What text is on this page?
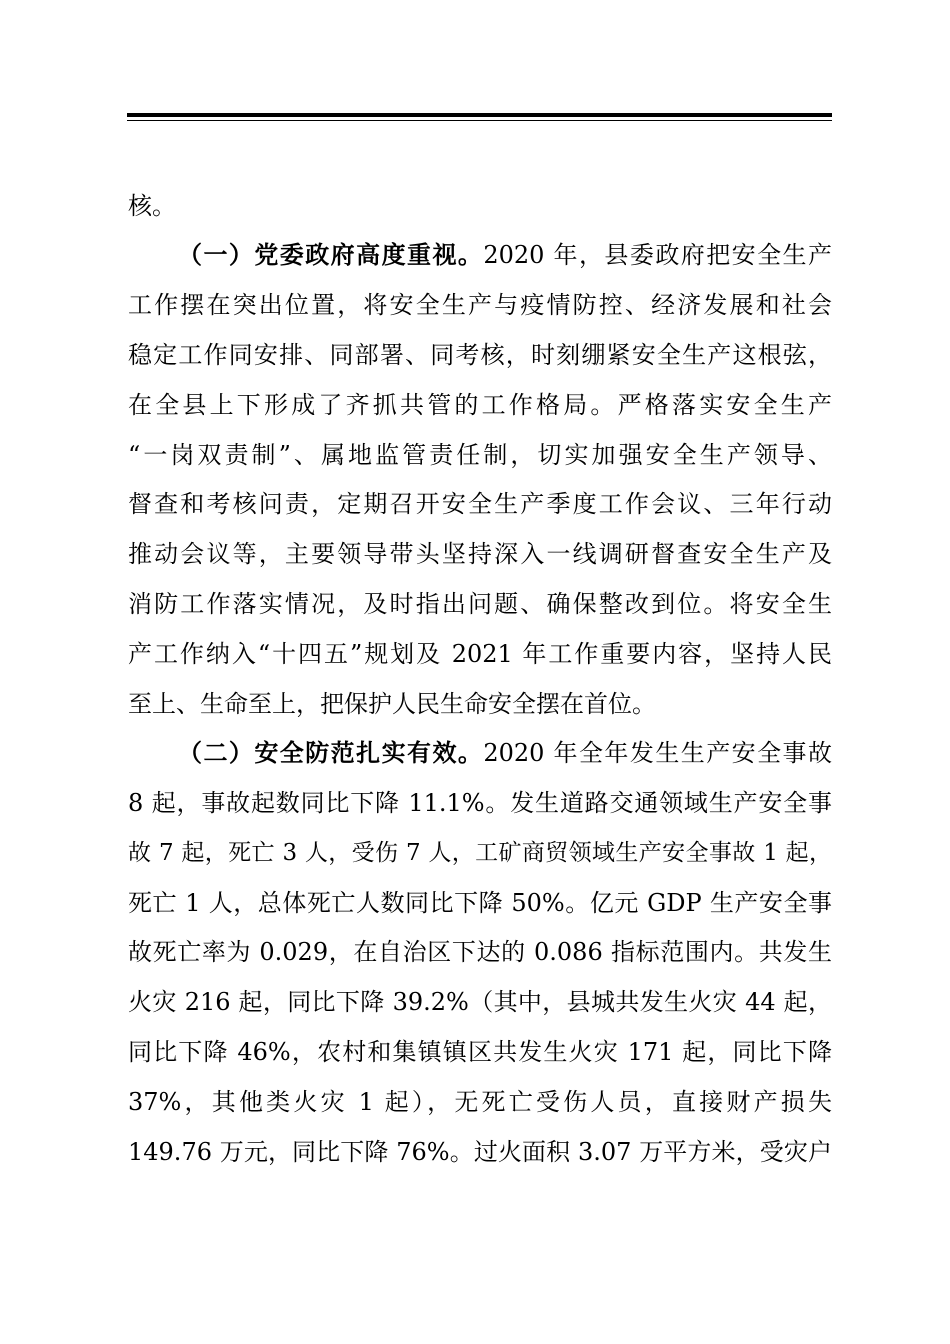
核。
（一）党委政府高度重视。2020 年，县委政府把安全生产
工作摆在突出位置，将安全生产与疫情防控、经济发展和社会
稳定工作同安排、同部署、同考核，时刻绷紧安全生产这根弦，
在全县上下形成了齐抓共管的工作格局。严格落实安全生产
“一岗双责制”、属地监管责任制，切实加强安全生产领导、
督查和考核问责，定期召开安全生产季度工作会议、三年行动
推动会议等，主要领导带头坚持深入一线调研督查安全生产及
消防工作落实情况，及时指出问题、确保整改到位。将安全生
产工作纳入“十四五”规划及 2021 年工作重要内容，坚持人民
至上、生命至上，把保护人民生命安全摆在首位。
（二）安全防范扎实有效。2020 年全年发生生产安全事故
8 起，事故起数同比下降 11.1%。发生道路交通领域生产安全事
故 7 起，死亡 3 人，受伤 7 人，工矿商贸领域生产安全事故 1 起，
死亡 1 人，总体死亡人数同比下降 50%。亿元 GDP 生产安全事
故死亡率为 0.029，在自治区下达的 0.086 指标范围内。共发生
火灾 216 起，同比下降 39.2%（其中，县城共发生火灾 44 起，
同比下降 46%，农村和集镇镇区共发生火灾 171 起，同比下降
37%，其他类火灾 1 起），无死亡受伤人员，直接财产损失
149.76 万元，同比下降 76%。过火面积 3.07 万平方米，受灾户
